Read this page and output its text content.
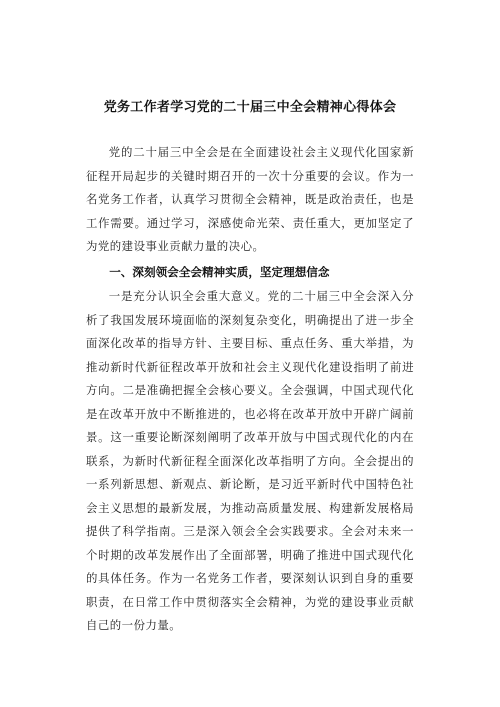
党务工作者学习党的二十届三中全会精神心得体会

党的二十届三中全会是在全面建设社会主义现代化国家新征程开局起步的关键时期召开的一次十分重要的会议。作为一名党务工作者，认真学习贯彻全会精神，既是政治责任，也是工作需要。通过学习，深感使命光荣、责任重大，更加坚定了为党的建设事业贡献力量的决心。

一、深刻领会全会精神实质，坚定理想信念

一是充分认识全会重大意义。党的二十届三中全会深入分析了我国发展环境面临的深刻复杂变化，明确提出了进一步全面深化改革的指导方针、主要目标、重点任务、重大举措，为推动新时代新征程改革开放和社会主义现代化建设指明了前进方向。二是准确把握全会核心要义。全会强调，中国式现代化是在改革开放中不断推进的，也必将在改革开放中开辟广阔前景。这一重要论断深刻阐明了改革开放与中国式现代化的内在联系，为新时代新征程全面深化改革指明了方向。全会提出的一系列新思想、新观点、新论断，是习近平新时代中国特色社会主义思想的最新发展，为推动高质量发展、构建新发展格局提供了科学指南。三是深入领会全会实践要求。全会对未来一个时期的改革发展作出了全面部署，明确了推进中国式现代化的具体任务。作为一名党务工作者，要深刻认识到自身的重要职责，在日常工作中贯彻落实全会精神，为党的建设事业贡献自己的一份力量。
